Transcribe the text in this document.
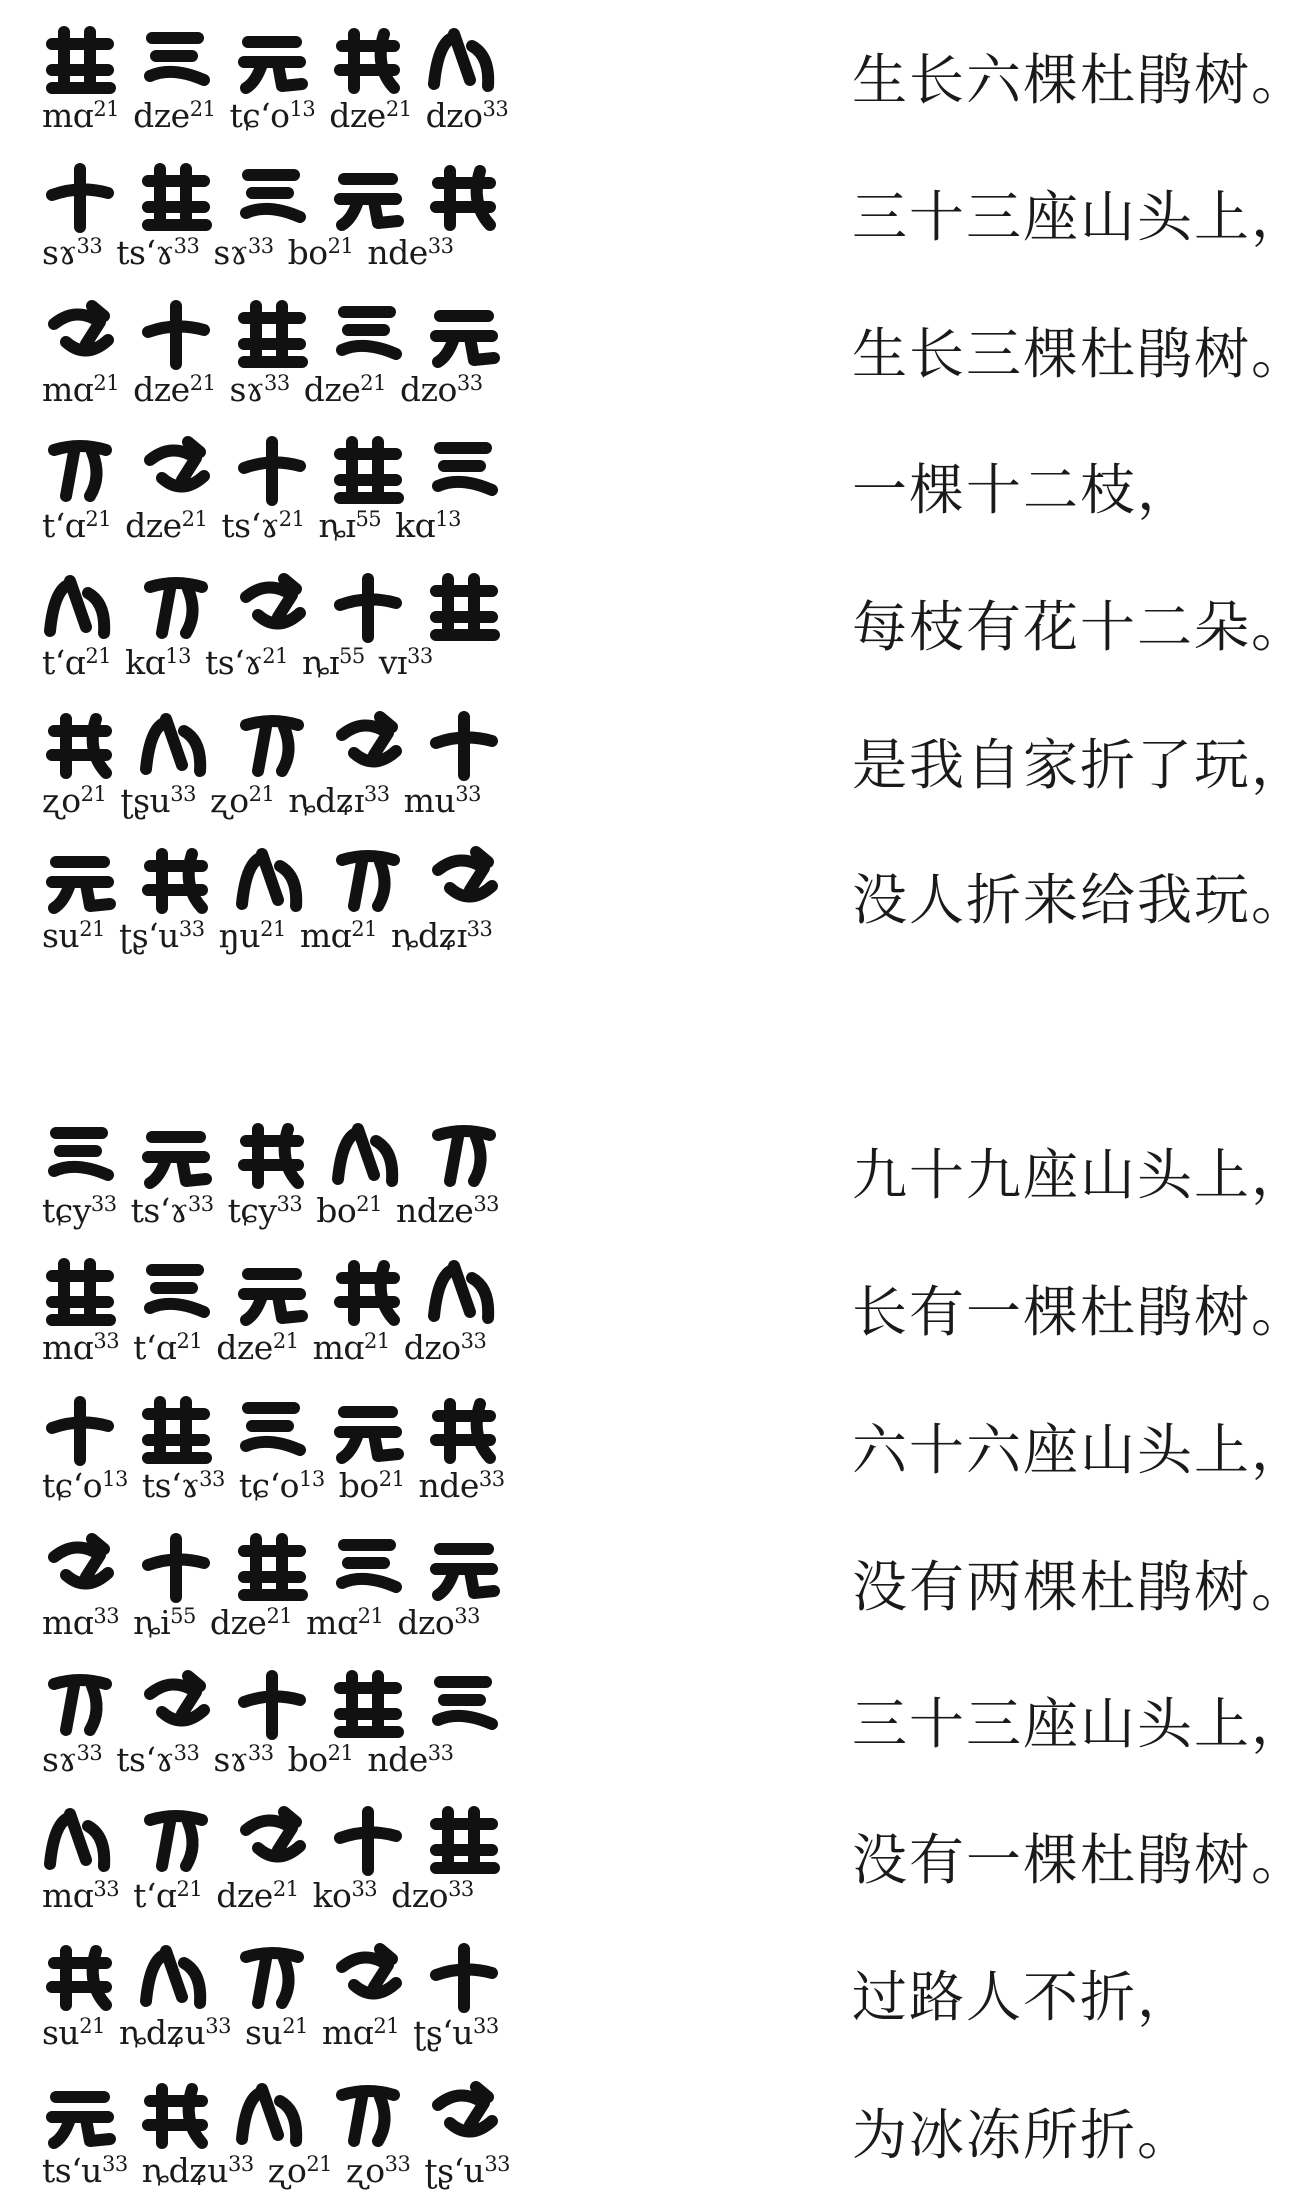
mɑ$^{21}$ dze$^{21}$ tɕʻo$^{13}$ dze$^{21}$ dzo$^{33}$	生长六棵杜鹃树。
sɤ$^{33}$ tsʻɤ$^{33}$ sɤ$^{33}$ $bo^{21}$ nde$^{33}$	三十三座山头上，
mɑ$^{21}$ dze$^{21}$ sɤ$^{33}$ dze$^{21}$ dzo$^{33}$	生长三棵杜鹃树。
tʻɑ$^{21}$ dze$^{21}$ tsʻɤ$^{21}$ ȵɪ$^{55}$ kɑ$^{13}$	一棵十二枝，
tʻɑ$^{21}$ kɑ$^{13}$ tsʻɤ$^{21}$ ȵɪ$^{55}$ vɪ$^{33}$	每枝有花十二朵。
ʐo$^{21}$ ʈʂu$^{33}$ ʐo$^{21}$ ȵdʑɪ$^{33}$ $mu^{33}$	是我自家折了玩，
$su^{21}$ ʈʂʻu$^{33}$ $ŋu^{21}$ mɑ$^{21}$ ȵdʑɪ$^{33}$	没人折来给我玩。
tɕy$^{33}$ tsʻɤ$^{33}$ tɕy$^{33}$ $bo^{21}$ ndze$^{33}$	九十九座山头上，
mɑ$^{33}$ tʻɑ$^{21}$ dze$^{21}$ mɑ$^{21}$ dzo$^{33}$	长有一棵杜鹃树。
tɕʻo$^{13}$ tsʻɤ$^{33}$ tɕʻo$^{13}$ $bo^{21}$ nde$^{33}$	六十六座山头上，
mɑ$^{33}$ $ȵi^{55}$ dze$^{21}$ mɑ$^{21}$ dzo$^{33}$	没有两棵杜鹃树。
sɤ$^{33}$ tsʻɤ$^{33}$ sɤ$^{33}$ $bo^{21}$ nde$^{33}$	三十三座山头上，
mɑ$^{33}$ tʻɑ$^{21}$ dze$^{21}$ $ko^{33}$ dzo$^{33}$	没有一棵杜鹃树。
$su^{21}$ ȵdʑu$^{33}$ $su^{21}$ mɑ$^{21}$ ʈʂʻu$^{33}$	过路人不折，
tsʻu$^{33}$ ȵdʑu$^{33}$ ʐo$^{21}$ ʐo$^{33}$ ʈʂʻu$^{33}$	为冰冻所折。
